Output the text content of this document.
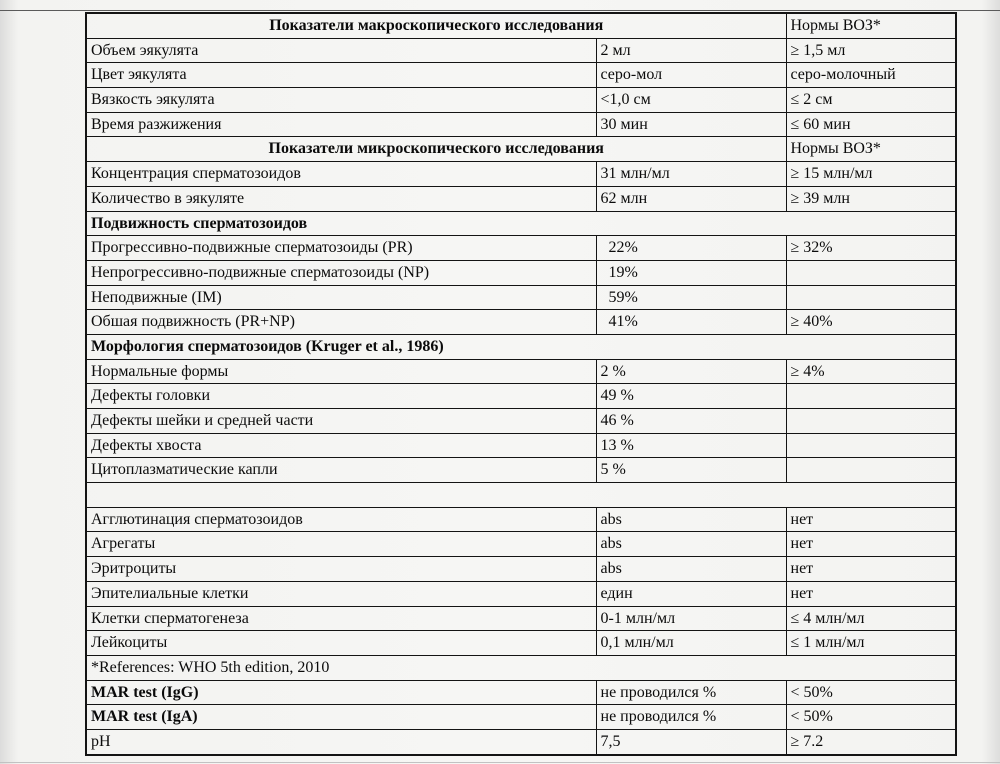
Показатели макроскопического исследования		Нормы ВОЗ*
Объем эякулята	2 мл	≥ 1,5 мл
Цвет эякулята	серо-мол	серо-молочный
Вязкость эякулята	<1,0 см	≤ 2 см
Время разжижения	30 мин	≤ 60 мин
Показатели микроскопического исследования		Нормы ВОЗ*
Концентрация сперматозоидов	31 млн/мл	≥ 15 млн/мл
Количество в эякуляте	62 млн	≥ 39 млн
Подвижность сперматозоидов		
Прогрессивно-подвижные сперматозоиды (PR)	22%	≥ 32%
Непрогрессивно-подвижные сперматозоиды (NP)	19%	
Неподвижные (IM)	59%	
Обшая подвижность (PR+NP)	41%	≥ 40%
Морфология сперматозоидов (Kruger et al., 1986)		
Нормальные формы	2 %	≥ 4%
Дефекты головки	49 %	
Дефекты шейки и средней части	46 %	
Дефекты хвоста	13 %	
Цитоплазматические капли	5 %	

Агглютинация сперматозоидов	abs	нет
Агрегаты	abs	нет
Эритроциты	abs	нет
Эпителиальные клетки	един	нет
Клетки сперматогенеза	0-1 млн/мл	≤ 4 млн/мл
Лейкоциты	0,1 млн/мл	≤ 1 млн/мл
*References: WHO 5th edition, 2010		
MAR test (IgG)	не проводился %	< 50%
MAR test (IgA)	не проводился %	< 50%
pH	7,5	≥ 7.2
